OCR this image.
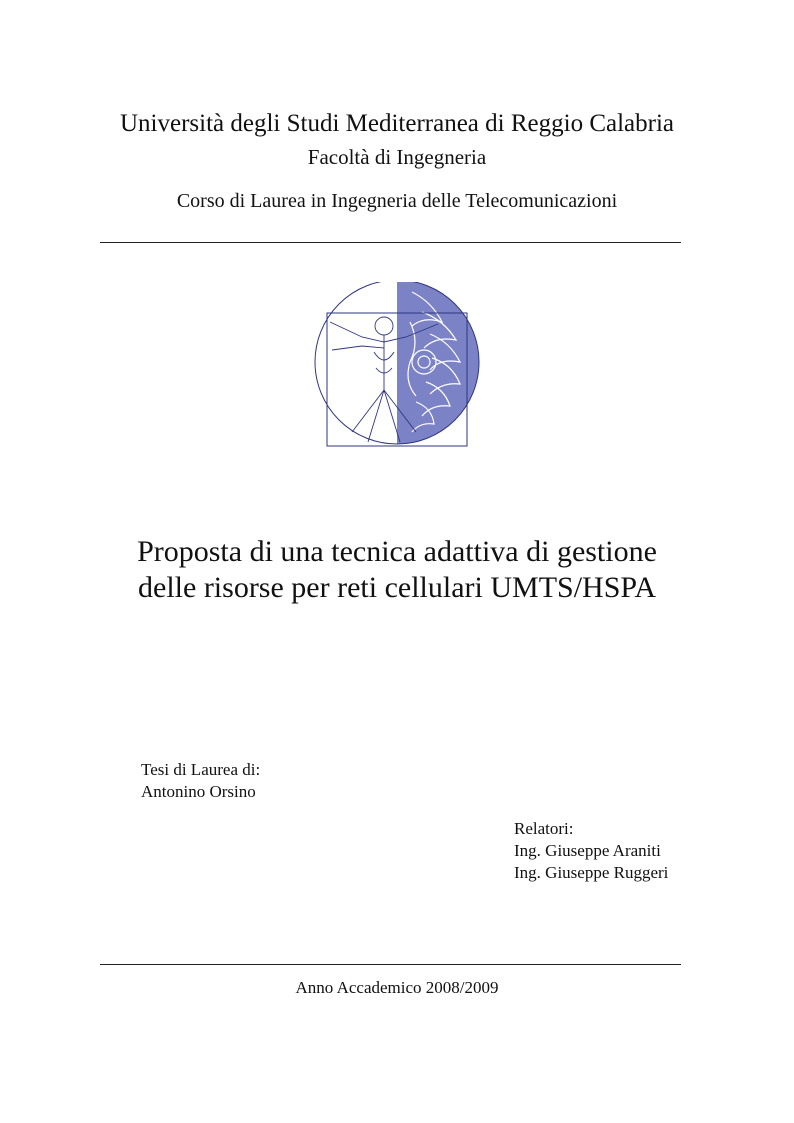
Università degli Studi Mediterranea di Reggio Calabria
Facoltà di Ingegneria
Corso di Laurea in Ingegneria delle Telecomunicazioni
Proposta di una tecnica adattiva di gestione
delle risorse per reti cellulari UMTS/HSPA
Tesi di Laurea di:
Antonino Orsino
Relatori:
Ing. Giuseppe Araniti
Ing. Giuseppe Ruggeri
Anno Accademico 2008/2009
